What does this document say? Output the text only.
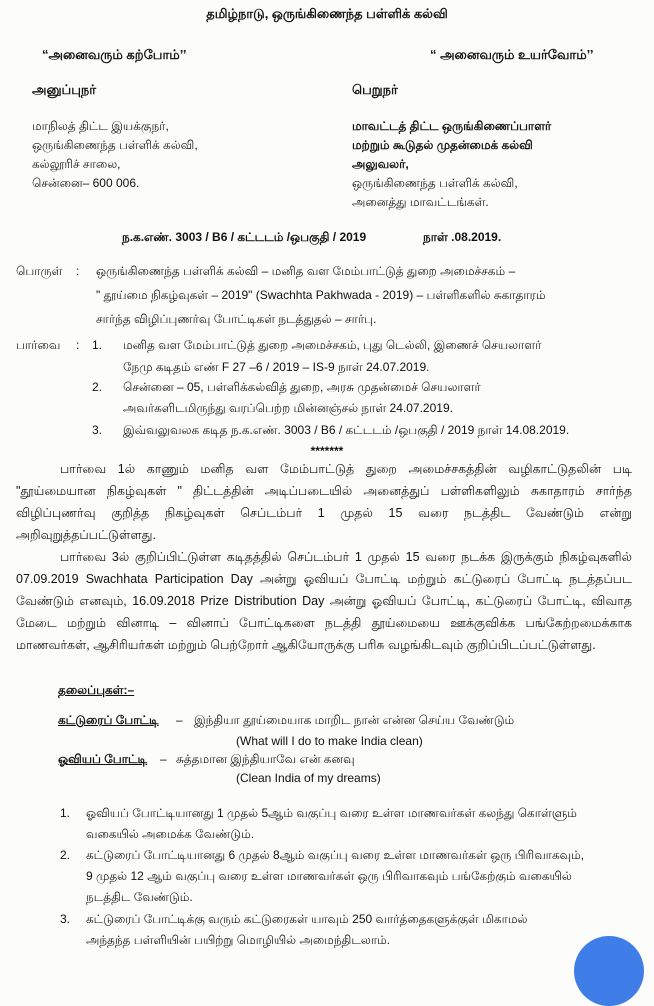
தமிழ்நாடு, ஒருங்கிணைந்த பள்ளிக் கல்வி
“அனைவரும் கற்போம்’’	“ அனைவரும் உயர்வோம்’’
அனுப்புநர்
மாநிலத் திட்ட இயக்குநர்,
ஒருங்கிணைந்த பள்ளிக் கல்வி,
கல்லூரிச் சாலை,
சென்னை– 600 006.
பெறுநர்
மாவட்டத் திட்ட ஒருங்கிணைப்பாளர்
மற்றும் கூடுதல் முதன்மைக் கல்வி
அலுவலர்,
ஒருங்கிணைந்த பள்ளிக் கல்வி,
அனைத்து மாவட்டங்கள்.
ந.க.எண். 3003 / B6 / கட்டடம் /ஒபகுதி / 2019	நாள் .08.2019.
பொருள் : ஒருங்கிணைந்த பள்ளிக் கல்வி – மனித வள மேம்பாட்டுத் துறை அமைச்சகம் –
" தூய்மை நிகழ்வுகள் – 2019" (Swachhta Pakhwada - 2019) – பள்ளிகளில் சுகாதாரம்
சார்ந்த விழிப்புணர்வு போட்டிகள் நடத்துதல் – சார்பு.
பார்வை : 1. மனித வள மேம்பாட்டுத் துறை அமைச்சகம், புது டெல்லி, இணைச் செயலாளர்
நேமு கடிதம் எண் F 27 –6 / 2019 – IS-9 நாள் 24.07.2019.
2. சென்னை – 05, பள்ளிக்கல்வித் துறை, அரசு முதன்மைச் செயலாளர்
அவர்களிடமிருந்து வரப்பெற்ற மின்னஞ்சல் நாள் 24.07.2019.
3. இவ்வலுவலக கடித ந.க.எண். 3003 / B6 / கட்டடம் /ஒபகுதி / 2019 நாள் 14.08.2019.
*******
பார்வை 1ல் காணும் மனித வள மேம்பாட்டுத் துறை அமைச்சகத்தின் வழிகாட்டுதலின் படி "தூய்மையான நிகழ்வுகள் " திட்டத்தின் அடிப்படையில் அனைத்துப் பள்ளிகளிலும் சுகாதாரம் சார்ந்த விழிப்புணர்வு குறித்த நிகழ்வுகள் செப்டம்பர் 1 முதல் 15 வரை நடத்திட வேண்டும் என்று அறிவுறுத்தப்பட்டுள்ளது.
பார்வை 3ல் குறிப்பிட்டுள்ள கடிதத்தில் செப்டம்பர் 1 முதல் 15 வரை நடக்க இருக்கும் நிகழ்வுகளில் 07.09.2019 Swachhata Participation Day அன்று ஓவியப் போட்டி மற்றும் கட்டுரைப் போட்டி நடத்தப்பட வேண்டும் எனவும், 16.09.2018 Prize Distribution Day அன்று ஓவியப் போட்டி, கட்டுரைப் போட்டி, விவாத மேடை மற்றும் வினாடி – வினாப் போட்டிகளை நடத்தி தூய்மையை ஊக்குவிக்க பங்கேற்றமைக்காக மாணவர்கள், ஆசிரியர்கள் மற்றும் பெற்றோர் ஆகியோருக்கு பரிசு வழங்கிடவும் குறிப்பிடப்பட்டுள்ளது.
தலைப்புகள்:–
கட்டுரைப் போட்டி – இந்தியா தூய்மையாக மாறிட நான் என்ன செய்ய வேண்டும்
(What will I do to make India clean)
ஓவியப் போட்டி – சுத்தமான இந்தியாவே என் கனவு
(Clean India of my dreams)
1. ஓவியப் போட்டியானது 1 முதல் 5ஆம் வகுப்பு வரை உள்ள மாணவர்கள் கலந்து கொள்ளும்
வகையில் அமைக்க வேண்டும்.
2. கட்டுரைப் போட்டியானது 6 முதல் 8ஆம் வகுப்பு வரை உள்ள மாணவர்கள் ஒரு பிரிவாகவும்,
9 முதல் 12 ஆம் வகுப்பு வரை உள்ள மாணவர்கள் ஒரு பிரிவாகவும் பங்கேற்கும் வகையில்
நடத்திட வேண்டும்.
3. கட்டுரைப் போட்டிக்கு வரும் கட்டுரைகள் யாவும் 250 வார்த்தைகளுக்குள் மிகாமல்
அந்தந்த பள்ளியின் பயிற்று மொழியில் அமைந்திடலாம்.
